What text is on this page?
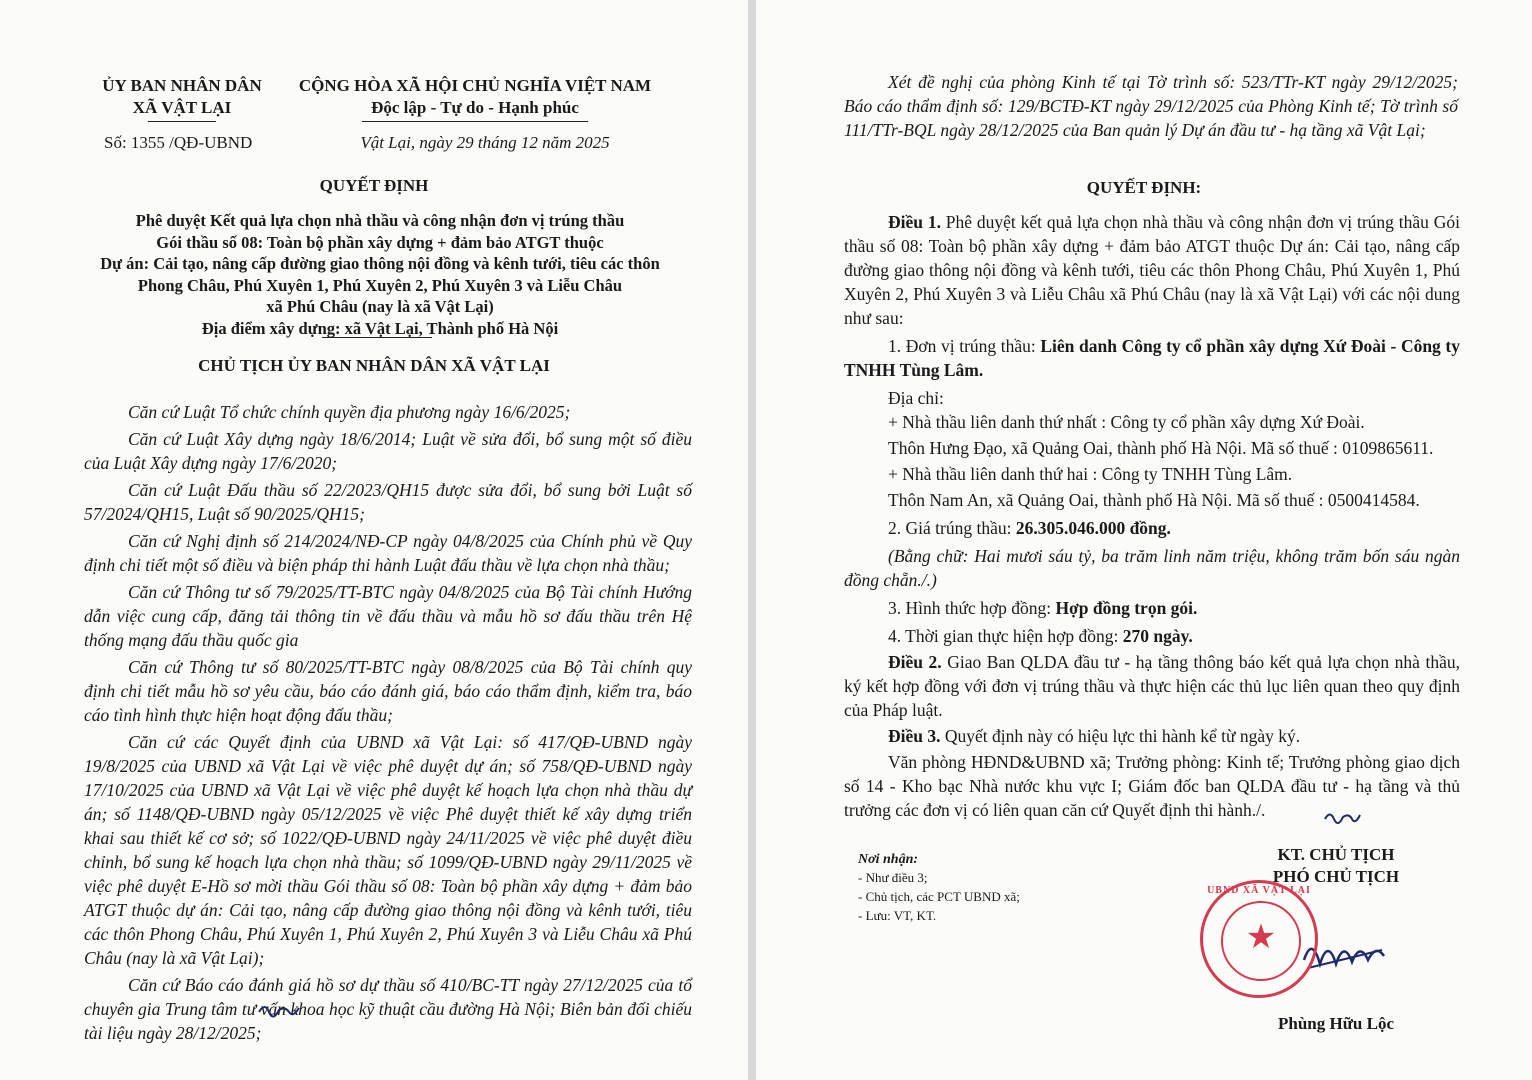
ỦY BAN NHÂN DÂN
XÃ VẬT LẠI
Số: 1355 /QĐ-UBND
CỘNG HÒA XÃ HỘI CHỦ NGHĨA VIỆT NAM
Độc lập - Tự do - Hạnh phúc
Vật Lại, ngày 29 tháng 12 năm 2025
QUYẾT ĐỊNH
Phê duyệt Kết quả lựa chọn nhà thầu và công nhận đơn vị trúng thầu
Gói thầu số 08: Toàn bộ phần xây dựng + đảm bảo ATGT thuộc
Dự án: Cải tạo, nâng cấp đường giao thông nội đồng và kênh tưới, tiêu các thôn
Phong Châu, Phú Xuyên 1, Phú Xuyên 2, Phú Xuyên 3 và Liễu Châu
xã Phú Châu (nay là xã Vật Lại)
Địa điểm xây dựng: xã Vật Lại, Thành phố Hà Nội
CHỦ TỊCH ỦY BAN NHÂN DÂN XÃ VẬT LẠI

Căn cứ Luật Tổ chức chính quyền địa phương ngày 16/6/2025;

Căn cứ Luật Xây dựng ngày 18/6/2014; Luật về sửa đổi, bổ sung một số điều của Luật Xây dựng ngày 17/6/2020;

Căn cứ Luật Đấu thầu số 22/2023/QH15 được sửa đổi, bổ sung bởi Luật số 57/2024/QH15, Luật số 90/2025/QH15;

Căn cứ Nghị định số 214/2024/NĐ-CP ngày 04/8/2025 của Chính phủ về Quy định chi tiết một số điều và biện pháp thi hành Luật đấu thầu về lựa chọn nhà thầu;

Căn cứ Thông tư số 79/2025/TT-BTC ngày 04/8/2025 của Bộ Tài chính Hướng dẫn việc cung cấp, đăng tải thông tin về đấu thầu và mẫu hồ sơ đấu thầu trên Hệ thống mạng đấu thầu quốc gia

Căn cứ Thông tư số 80/2025/TT-BTC ngày 08/8/2025 của Bộ Tài chính quy định chi tiết mẫu hồ sơ yêu cầu, báo cáo đánh giá, báo cáo thẩm định, kiểm tra, báo cáo tình hình thực hiện hoạt động đấu thầu;

Căn cứ các Quyết định của UBND xã Vật Lại: số 417/QĐ-UBND ngày 19/8/2025 của UBND xã Vật Lại về việc phê duyệt dự án; số 758/QĐ-UBND ngày 17/10/2025 của UBND xã Vật Lại về việc phê duyệt kế hoạch lựa chọn nhà thầu dự án; số 1148/QĐ-UBND ngày 05/12/2025 về việc Phê duyệt thiết kế xây dựng triển khai sau thiết kế cơ sở; số 1022/QĐ-UBND ngày 24/11/2025 về việc phê duyệt điều chỉnh, bổ sung kế hoạch lựa chọn nhà thầu; số 1099/QĐ-UBND ngày 29/11/2025 về việc phê duyệt E-Hồ sơ mời thầu Gói thầu số 08: Toàn bộ phần xây dựng + đảm bảo ATGT thuộc dự án: Cải tạo, nâng cấp đường giao thông nội đồng và kênh tưới, tiêu các thôn Phong Châu, Phú Xuyên 1, Phú Xuyên 2, Phú Xuyên 3 và Liễu Châu xã Phú Châu (nay là xã Vật Lại);

Căn cứ Báo cáo đánh giá hồ sơ dự thầu số 410/BC-TT ngày 27/12/2025 của tổ chuyên gia Trung tâm tư vấn khoa học kỹ thuật cầu đường Hà Nội; Biên bản đối chiếu tài liệu ngày 28/12/2025;

Xét đề nghị của phòng Kinh tế tại Tờ trình số: 523/TTr-KT ngày 29/12/2025; Báo cáo thẩm định số: 129/BCTĐ-KT ngày 29/12/2025 của Phòng Kinh tế; Tờ trình số 111/TTr-BQL ngày 28/12/2025 của Ban quản lý Dự án đầu tư - hạ tầng xã Vật Lại;

QUYẾT ĐỊNH:

Điều 1. Phê duyệt kết quả lựa chọn nhà thầu và công nhận đơn vị trúng thầu Gói thầu số 08: Toàn bộ phần xây dựng + đảm bảo ATGT thuộc Dự án: Cải tạo, nâng cấp đường giao thông nội đồng và kênh tưới, tiêu các thôn Phong Châu, Phú Xuyên 1, Phú Xuyên 2, Phú Xuyên 3 và Liễu Châu xã Phú Châu (nay là xã Vật Lại) với các nội dung như sau:

1. Đơn vị trúng thầu: Liên danh Công ty cổ phần xây dựng Xứ Đoài - Công ty TNHH Tùng Lâm.

Địa chỉ:

+ Nhà thầu liên danh thứ nhất : Công ty cổ phần xây dựng Xứ Đoài.

Thôn Hưng Đạo, xã Quảng Oai, thành phố Hà Nội. Mã số thuế : 0109865611.

+ Nhà thầu liên danh thứ hai : Công ty TNHH Tùng Lâm.

Thôn Nam An, xã Quảng Oai, thành phố Hà Nội. Mã số thuế : 0500414584.

2. Giá trúng thầu: 26.305.046.000 đồng.

(Bằng chữ: Hai mươi sáu tỷ, ba trăm linh năm triệu, không trăm bốn sáu ngàn đồng chẵn./.)

3. Hình thức hợp đồng: Hợp đồng trọn gói.

4. Thời gian thực hiện hợp đồng: 270 ngày.

Điều 2. Giao Ban QLDA đầu tư - hạ tầng thông báo kết quả lựa chọn nhà thầu, ký kết hợp đồng với đơn vị trúng thầu và thực hiện các thủ lục liên quan theo quy định của Pháp luật.

Điều 3. Quyết định này có hiệu lực thi hành kể từ ngày ký.

Văn phòng HĐND&UBND xã; Trưởng phòng: Kinh tế; Trưởng phòng giao dịch số 14 - Kho bạc Nhà nước khu vực I; Giám đốc ban QLDA đầu tư - hạ tầng và thủ trưởng các đơn vị có liên quan căn cứ Quyết định thi hành./.

Nơi nhận:
- Như điều 3;
- Chủ tịch, các PCT UBND xã;
- Lưu: VT, KT.
KT. CHỦ TỊCH
PHÓ CHỦ TỊCH
Phùng Hữu Lộc
UBND XÃ VẬT LẠI
★
